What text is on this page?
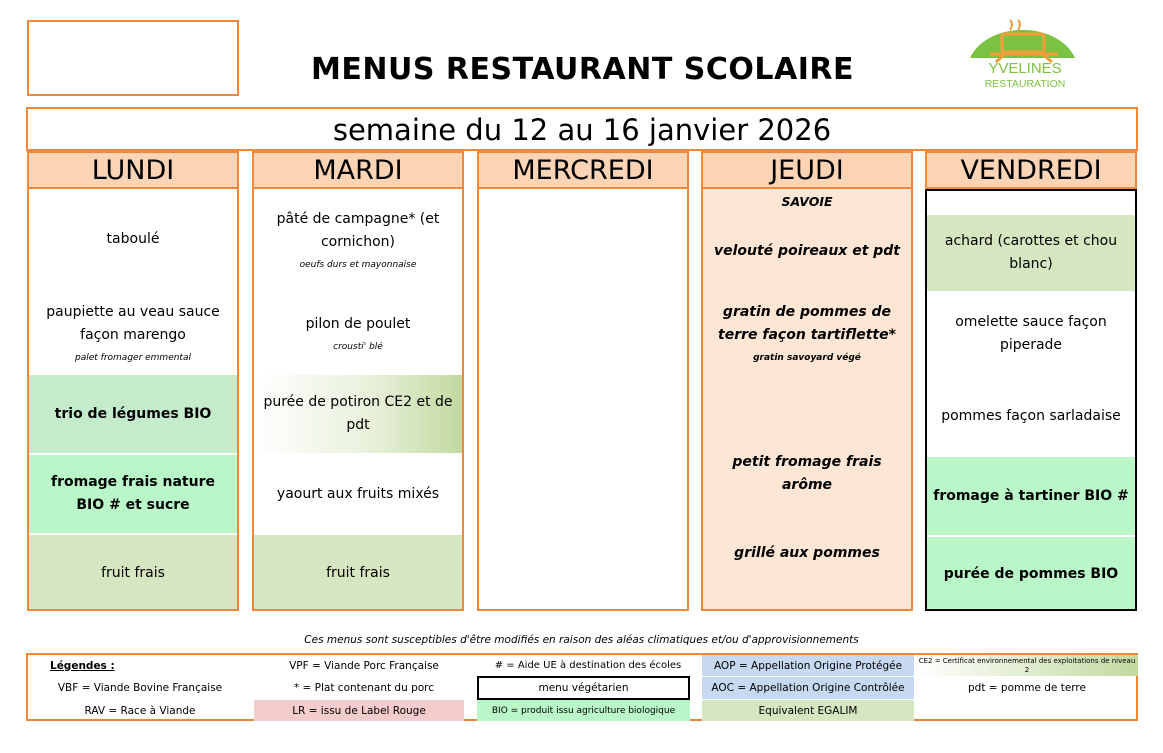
MENUS RESTAURANT SCOLAIRE	YVELINES
RESTAURATION
semaine du 12 au 16 janvier 2026
LUNDI
taboulé
paupiette au veau sauce façon marengo
palet fromager emmental
trio de légumes BIO
fromage frais nature BIO # et sucre
fruit frais
MARDI
pâté de campagne* (et cornichon)
oeufs durs et mayonnaise
pilon de poulet
crousti' blé
purée de potiron CE2 et de pdt
yaourt aux fruits mixés
fruit frais
MERCREDI	JEUDI
SAVOIE
velouté poireaux et pdt
gratin de pommes de terre façon tartiflette*
gratin savoyard végé
petit fromage frais arôme
grillé aux pommes
VENDREDI
achard (carottes et chou blanc)
omelette sauce façon piperade
pommes façon sarladaise
fromage à tartiner BIO #
purée de pommes BIO
Ces menus sont susceptibles d'être modifiés en raison des aléas climatiques et/ou d'approvisionnements
Légendes :	VPF = Viande Porc Française	# = Aide UE à destination des écoles	AOP = Appellation Origine Protégée	CE2 = Certificat environnemental des exploitations de niveau 2
VBF = Viande Bovine Française	* = Plat contenant du porc	menu végétarien	AOC = Appellation Origine Contrôlée	pdt = pomme de terre
RAV = Race à Viande	LR = issu de Label Rouge	BIO = produit issu agriculture biologique	Equivalent EGALIM
